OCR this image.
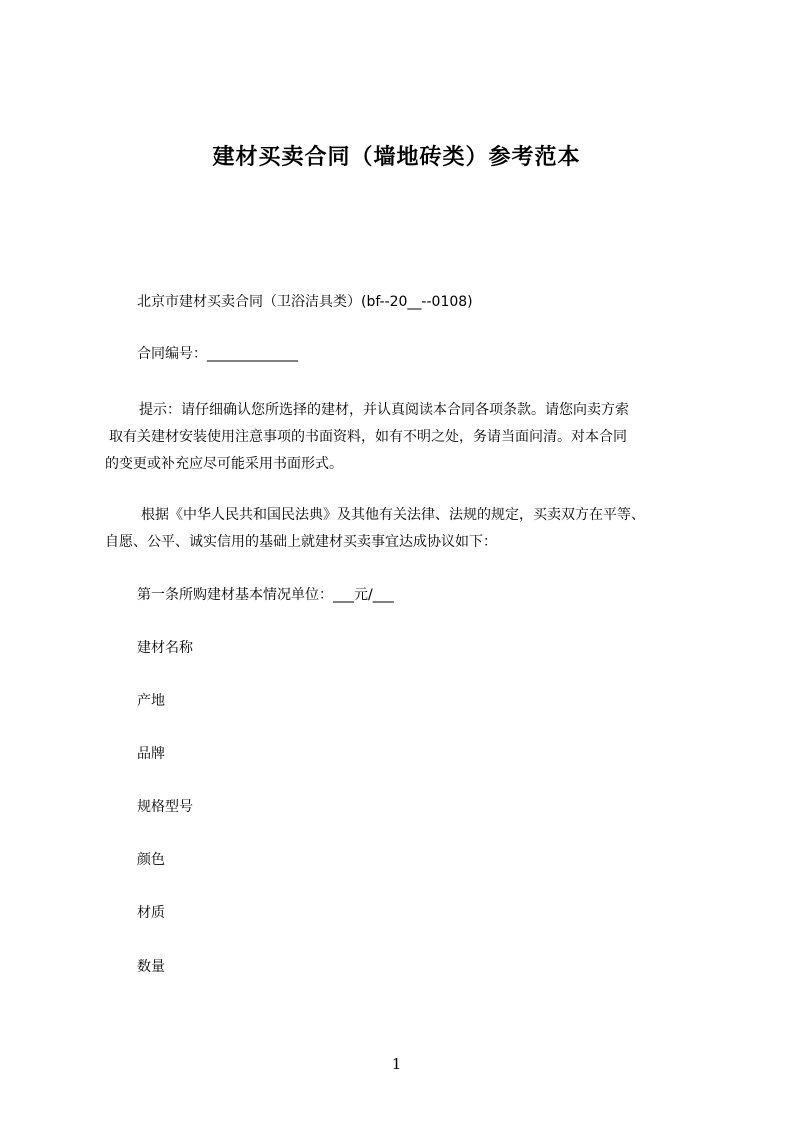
建材买卖合同（墙地砖类）参考范本
北京市建材买卖合同（卫浴洁具类）(bf--20__--0108)
合同编号：_____________
提示：请仔细确认您所选择的建材，并认真阅读本合同各项条款。请您向卖方索
取有关建材安装使用注意事项的书面资料，如有不明之处，务请当面问清。对本合同
的变更或补充应尽可能采用书面形式。
根据《中华人民共和国民法典》及其他有关法律、法规的规定，买卖双方在平等、
自愿、公平、诚实信用的基础上就建材买卖事宜达成协议如下：
第一条所购建材基本情况单位：___元/___
建材名称
产地
品牌
规格型号
颜色
材质
数量
1
